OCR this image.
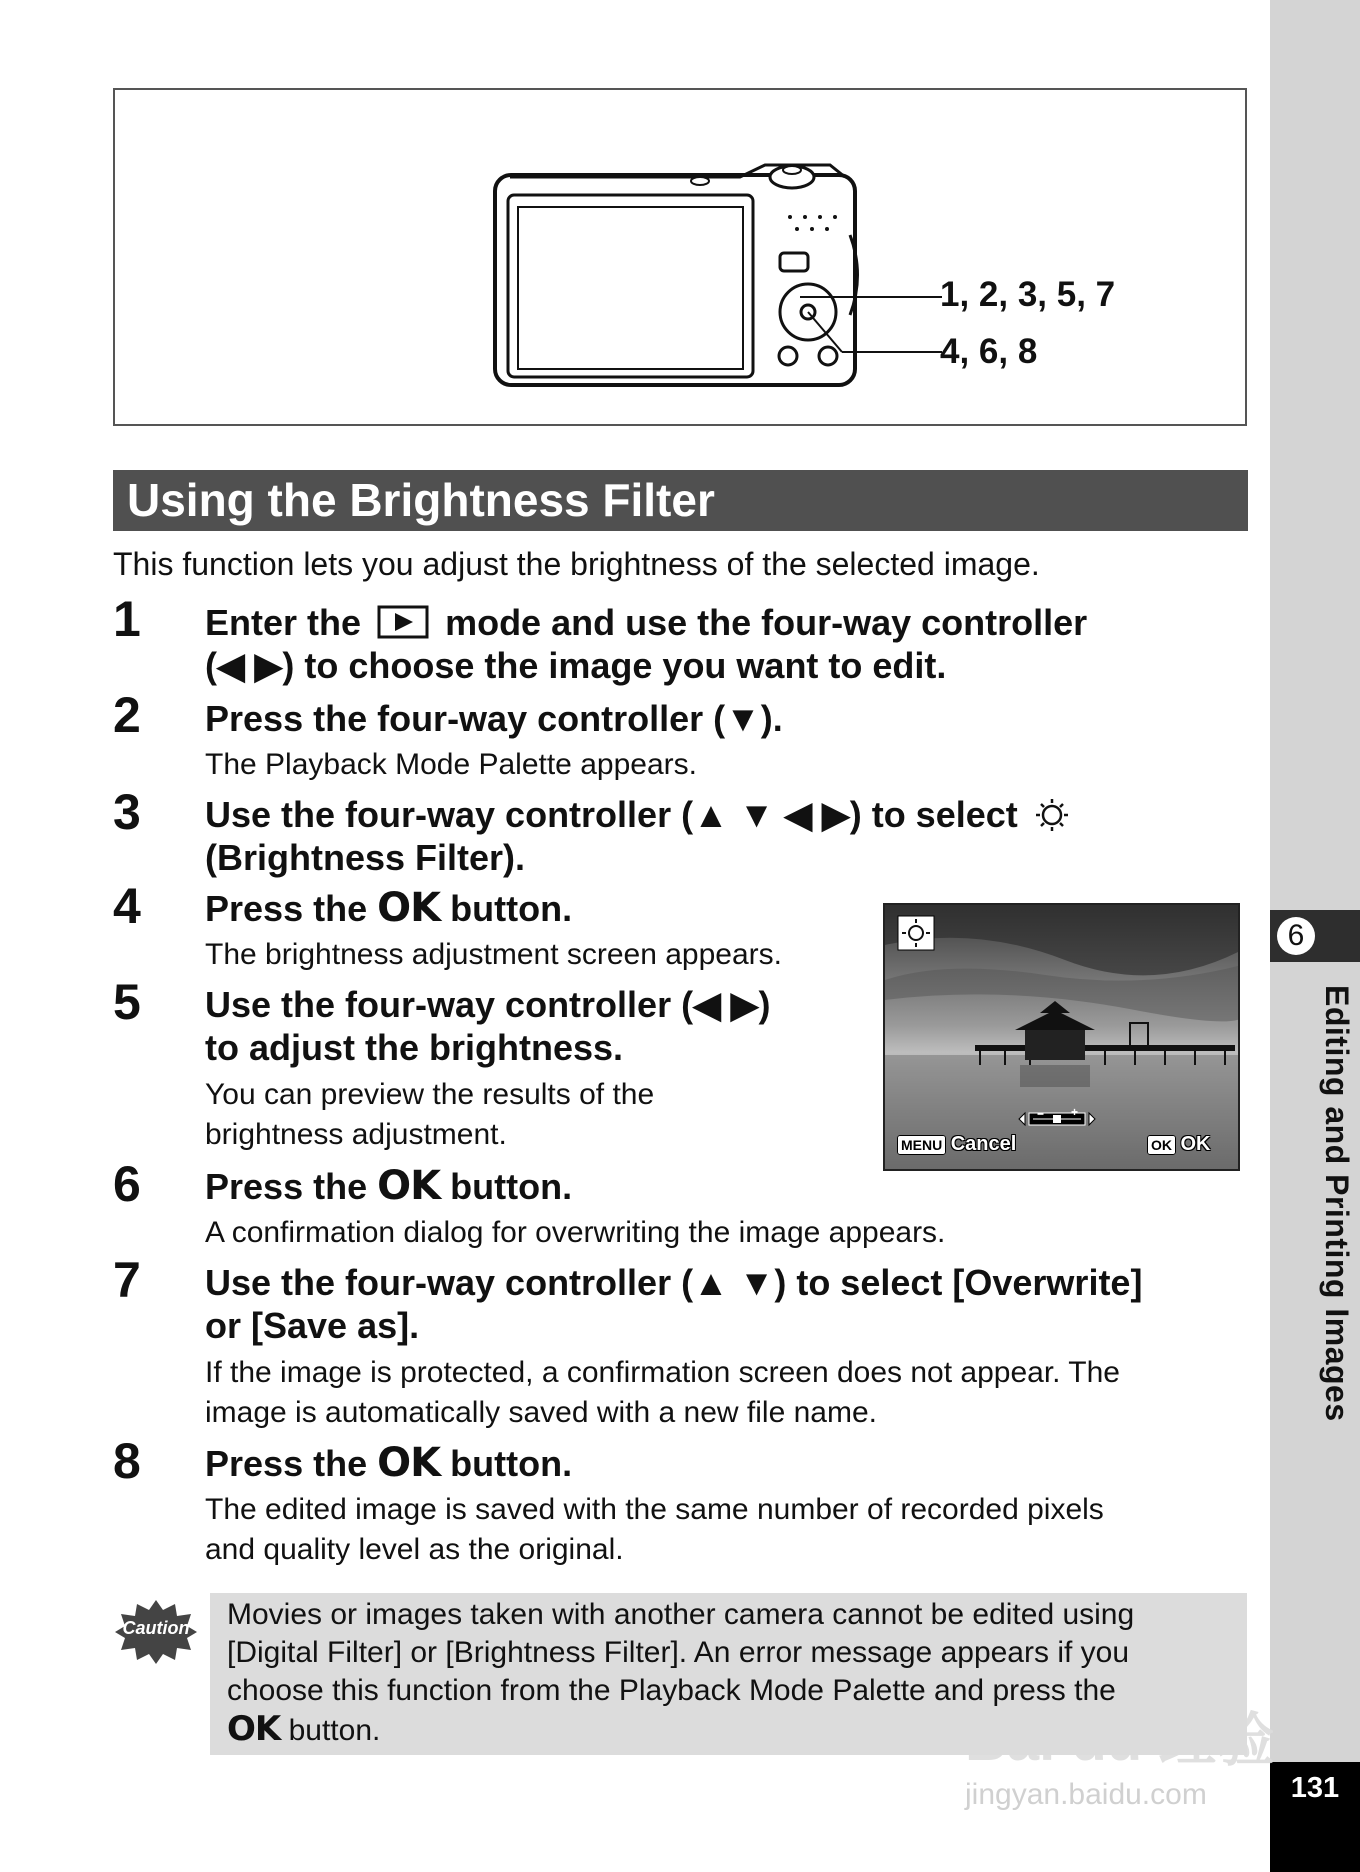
6
Editing and Printing Images
131
1, 2, 3, 5, 7
4, 6, 8
Using the Brightness Filter
This function lets you adjust the brightness of the selected image.
1	Enter the mode and use the four-way controller
(◀ ▶) to choose the image you want to edit.
2	Press the four-way controller (▼).
The Playback Mode Palette appears.
3	Use the four-way controller (▲ ▼ ◀ ▶) to select
(Brightness Filter).
4	Press the OK button.
The brightness adjustment screen appears.
5	Use the four-way controller (◀ ▶)
to adjust the brightness.
You can preview the results of the
brightness adjustment.
− +
MENU Cancel	OK OK
6	Press the OK button.
A confirmation dialog for overwriting the image appears.
7	Use the four-way controller (▲ ▼) to select [Overwrite]
or [Save as].
If the image is protected, a confirmation screen does not appear. The
image is automatically saved with a new file name.
8	Press the OK button.
The edited image is saved with the same number of recorded pixels
and quality level as the original.
Caution Movies or images taken with another camera cannot be edited using
[Digital Filter] or [Brightness Filter]. An error message appears if you
choose this function from the Playback Mode Palette and press the
OK button.	Bai du 经验
jingyan.baidu.com
